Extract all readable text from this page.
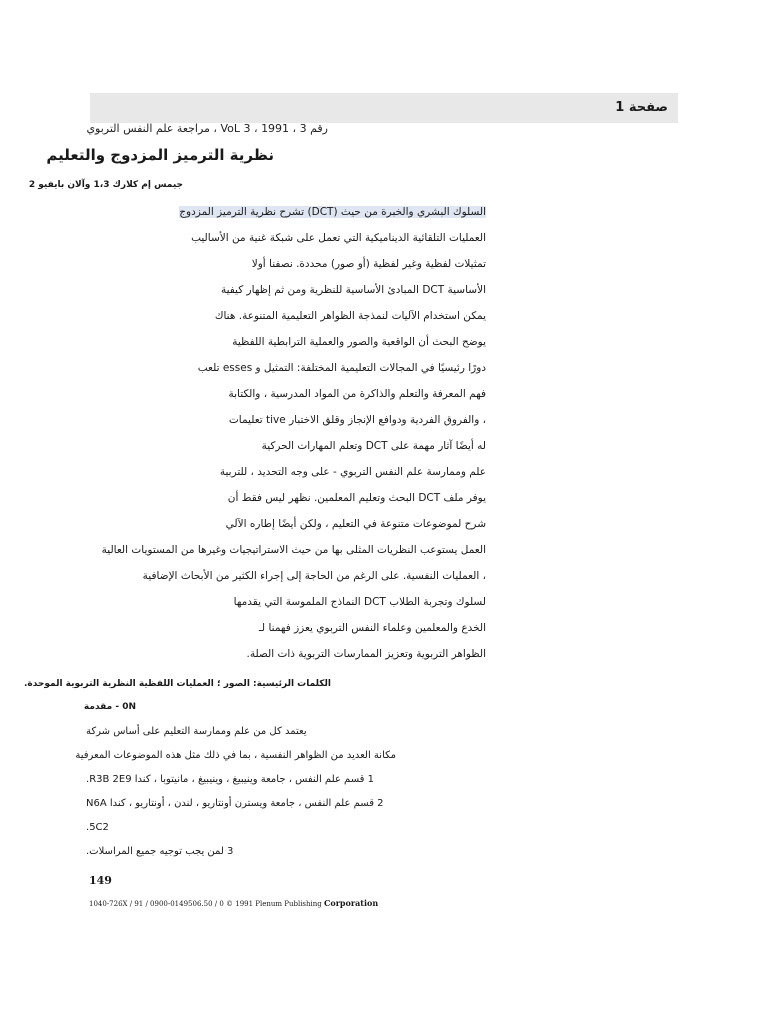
صفحة 1
رقم 3 ، 1991 ، VoL 3 ، مراجعة علم النفس التربوي
نظرية الترميز المزدوج والتعليم
جيمس إم كلارك 1،3 وآلان بايفيو 2
السلوك البشري والخبرة من حيث (DCT) تشرح نظرية الترميز المزدوج
العمليات التلقائية الديناميكية التي تعمل على شبكة غنية من الأساليب
تمثيلات لفظية وغير لفظية (أو صور) محددة. نصفنا أولا
الأساسية DCT المبادئ الأساسية للنظرية ومن ثم إظهار كيفية
يمكن استخدام الآليات لنمذجة الظواهر التعليمية المتنوعة. هناك
يوضح البحث أن الواقعية والصور والعملية الترابطية اللفظية
دورًا رئيسيًا في المجالات التعليمية المختلفة: التمثيل و esses تلعب
فهم المعرفة والتعلم والذاكرة من المواد المدرسية ، والكتابة
، والفروق الفردية ودوافع الإنجاز وقلق الاختبار tive تعليمات
له أيضًا آثار مهمة على DCT وتعلم المهارات الحركية
علم وممارسة علم النفس التربوي - على وجه التحديد ، للتربية
يوفر ملف DCT البحث وتعليم المعلمين. نظهر ليس فقط أن
شرح لموضوعات متنوعة في التعليم ، ولكن أيضًا إطاره الآلي
العمل يستوعب النظريات المثلى بها من حيث الاستراتيجيات وغيرها من المستويات العالية
، العمليات النفسية. على الرغم من الحاجة إلى إجراء الكثير من الأبحاث الإضافية
لسلوك وتجربة الطلاب DCT النماذج الملموسة التي يقدمها
الخدع والمعلمين وعلماء النفس التربوي يعزز فهمنا لـ
الظواهر التربوية وتعزيز الممارسات التربوية ذات الصلة.
الكلمات الرئيسية: الصور ؛ العمليات اللفظية النظرية التربوية الموحدة.
0N - مقدمة
يعتمد كل من علم وممارسة التعليم على أساس شركة
مكانة العديد من الظواهر النفسية ، بما في ذلك مثل هذه الموضوعات المعرفية
1 قسم علم النفس ، جامعة وينيبيغ ، وينيبيغ ، مانيتوبا ، كندا R3B 2E9.
2 قسم علم النفس ، جامعة ويسترن أونتاريو ، لندن ، أونتاريو ، كندا N6A
5C2.
3 لمن يجب توجيه جميع المراسلات.
149
1040-726X / 91 / 0900-0149506.50 / 0 © 1991 Plenum Publishing Corporation
